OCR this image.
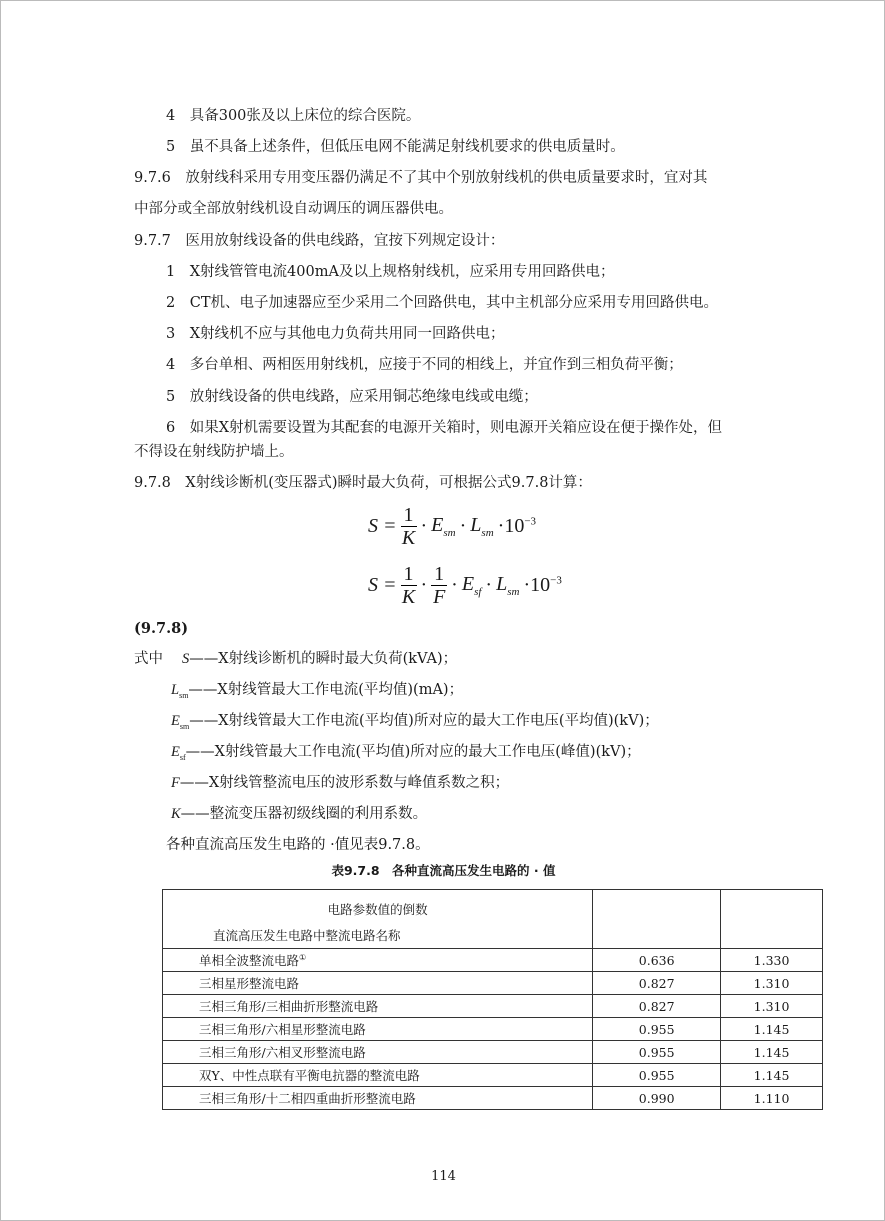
4　具备300张及以上床位的综合医院。
5　虽不具备上述条件，但低压电网不能满足射线机要求的供电质量时。
9.7.6　放射线科采用专用变压器仍满足不了其中个别放射线机的供电质量要求时，宜对其
中部分或全部放射线机设自动调压的调压器供电。
9.7.7　医用放射线设备的供电线路，宜按下列规定设计：
1　X射线管管电流400mA及以上规格射线机，应采用专用回路供电；
2　CT机、电子加速器应至少采用二个回路供电，其中主机部分应采用专用回路供电。
3　X射线机不应与其他电力负荷共用同一回路供电；
4　多台单相、两相医用射线机，应接于不同的相线上，并宜作到三相负荷平衡；
5　放射线设备的供电线路，应采用铜芯绝缘电线或电缆；
6　如果X射机需要设置为其配套的电源开关箱时，则电源开关箱应设在便于操作处，但
不得设在射线防护墙上。
9.7.8　X射线诊断机(变压器式)瞬时最大负荷，可根据公式9.7.8计算：
$S = \frac{1}{K} \cdot E_{sm} \cdot L_{sm} \cdot 10^{-3}$
$S = \frac{1}{K} \cdot \frac{1}{F} \cdot E_{sf} \cdot L_{sm} \cdot 10^{-3}$
(9.7.8)
式中 S——X射线诊断机的瞬时最大负荷(kVA)；
$L_{sm}——X$射线管最大工作电流(平均值)(mA)；
$E_{sm}——X$射线管最大工作电流(平均值)所对应的最大工作电压(平均值)(kV)；
$E_{sf}——X$射线管最大工作电流(平均值)所对应的最大工作电压(峰值)(kV)；
F——X射线管整流电压的波形系数与峰值系数之积；
K——整流变压器初级线圈的利用系数。
各种直流高压发生电路的 ·值见表9.7.8。
表9.7.8　各种直流高压发生电路的 · 值
电路参数值的倒数
直流高压发生电路中整流电路名称		

单相全波整流电路①	0.636	1.330
三相星形整流电路	0.827	1.310
三相三角形/三相曲折形整流电路	0.827	1.310
三相三角形/六相星形整流电路	0.955	1.145
三相三角形/六相叉形整流电路	0.955	1.145
双Y、中性点联有平衡电抗器的整流电路	0.955	1.145
三相三角形/十二相四重曲折形整流电路	0.990	1.110
114
